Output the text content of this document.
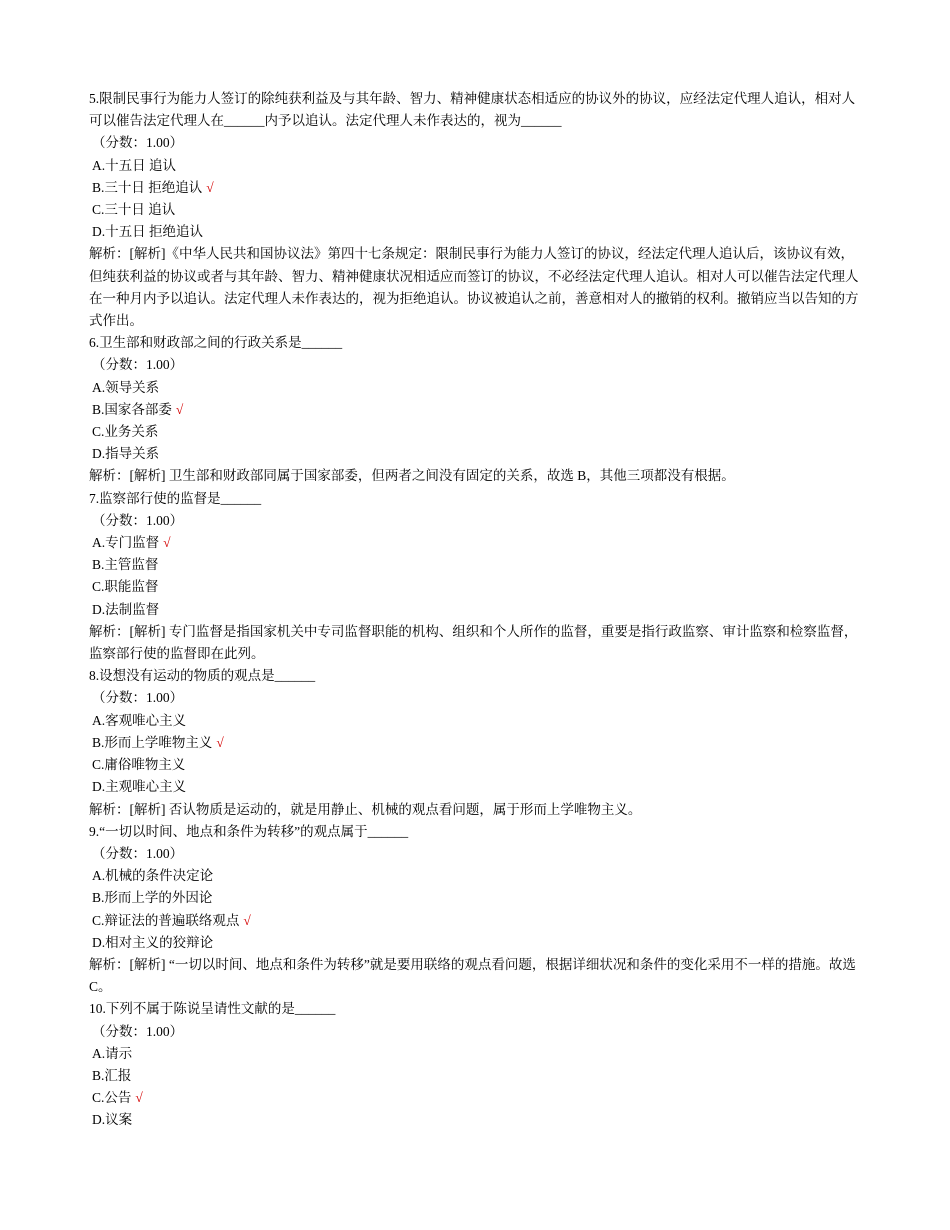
5.限制民事行为能力人签订的除纯获利益及与其年龄、智力、精神健康状态相适应的协议外的协议，应经法定代理人追认，相对人可以催告法定代理人在______内予以追认。法定代理人未作表达的，视为______
（分数：1.00）
A.十五日 追认
B.三十日 拒绝追认 √
C.三十日 追认
D.十五日 拒绝追认
解析：[解析]《中华人民共和国协议法》第四十七条规定：限制民事行为能力人签订的协议，经法定代理人追认后，该协议有效，但纯获利益的协议或者与其年龄、智力、精神健康状况相适应而签订的协议，不必经法定代理人追认。相对人可以催告法定代理人在一种月内予以追认。法定代理人未作表达的，视为拒绝追认。协议被追认之前，善意相对人的撤销的权利。撤销应当以告知的方式作出。
6.卫生部和财政部之间的行政关系是______
（分数：1.00）
A.领导关系
B.国家各部委 √
C.业务关系
D.指导关系
解析：[解析] 卫生部和财政部同属于国家部委，但两者之间没有固定的关系，故选 B，其他三项都没有根据。
7.监察部行使的监督是______
（分数：1.00）
A.专门监督 √
B.主管监督
C.职能监督
D.法制监督
解析：[解析] 专门监督是指国家机关中专司监督职能的机构、组织和个人所作的监督，重要是指行政监察、审计监察和检察监督，监察部行使的监督即在此列。
8.设想没有运动的物质的观点是______
（分数：1.00）
A.客观唯心主义
B.形而上学唯物主义 √
C.庸俗唯物主义
D.主观唯心主义
解析：[解析] 否认物质是运动的，就是用静止、机械的观点看问题，属于形而上学唯物主义。
9.“一切以时间、地点和条件为转移”的观点属于______
（分数：1.00）
A.机械的条件决定论
B.形而上学的外因论
C.辩证法的普遍联络观点 √
D.相对主义的狡辩论
解析：[解析] “一切以时间、地点和条件为转移”就是要用联络的观点看问题，根据详细状况和条件的变化采用不一样的措施。故选 C。
10.下列不属于陈说呈请性文献的是______
（分数：1.00）
A.请示
B.汇报
C.公告 √
D.议案
